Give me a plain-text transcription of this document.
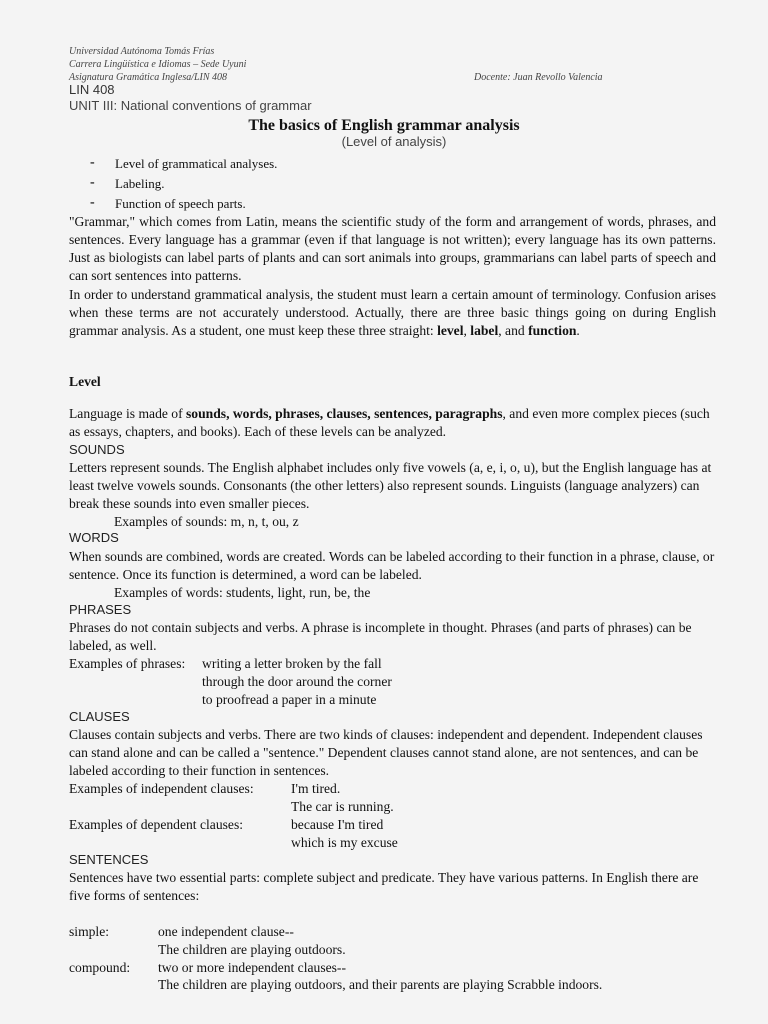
Universidad Autónoma Tomás Frías
Carrera Lingüística e Idiomas – Sede Uyuni
Asignatura Gramática Inglesa/LIN 408	Docente: Juan Revollo Valencia
LIN 408
UNIT III: National conventions of grammar
The basics of English grammar analysis
(Level of analysis)
- Level of grammatical analyses.
- Labeling.
- Function of speech parts.
"Grammar," which comes from Latin, means the scientific study of the form and arrangement of words, phrases, and sentences. Every language has a grammar (even if that language is not written); every language has its own patterns. Just as biologists can label parts of plants and can sort animals into groups, grammarians can label parts of speech and can sort sentences into patterns.
In order to understand grammatical analysis, the student must learn a certain amount of terminology. Confusion arises when these terms are not accurately understood. Actually, there are three basic things going on during English grammar analysis. As a student, one must keep these three straight: level, label, and function.
Level
Language is made of sounds, words, phrases, clauses, sentences, paragraphs, and even more complex pieces (such as essays, chapters, and books). Each of these levels can be analyzed.
SOUNDS
Letters represent sounds. The English alphabet includes only five vowels (a, e, i, o, u), but the English language has at least twelve vowels sounds. Consonants (the other letters) also represent sounds. Linguists (language analyzers) can break these sounds into even smaller pieces.
Examples of sounds: m, n, t, ou, z
WORDS
When sounds are combined, words are created. Words can be labeled according to their function in a phrase, clause, or sentence. Once its function is determined, a word can be labeled.
Examples of words: students, light, run, be, the
PHRASES
Phrases do not contain subjects and verbs. A phrase is incomplete in thought. Phrases (and parts of phrases) can be labeled, as well.
Examples of phrases: writing a letter broken by the fall
through the door around the corner
to proofread a paper in a minute
CLAUSES
Clauses contain subjects and verbs. There are two kinds of clauses: independent and dependent. Independent clauses can stand alone and can be called a "sentence." Dependent clauses cannot stand alone, are not sentences, and can be labeled according to their function in sentences.
Examples of independent clauses:	I'm tired.
The car is running.
Examples of dependent clauses:	because I'm tired
which is my excuse
SENTENCES
Sentences have two essential parts: complete subject and predicate. They have various patterns. In English there are five forms of sentences:
simple:	one independent clause--
The children are playing outdoors.
compound: two or more independent clauses--
The children are playing outdoors, and their parents are playing Scrabble indoors.
